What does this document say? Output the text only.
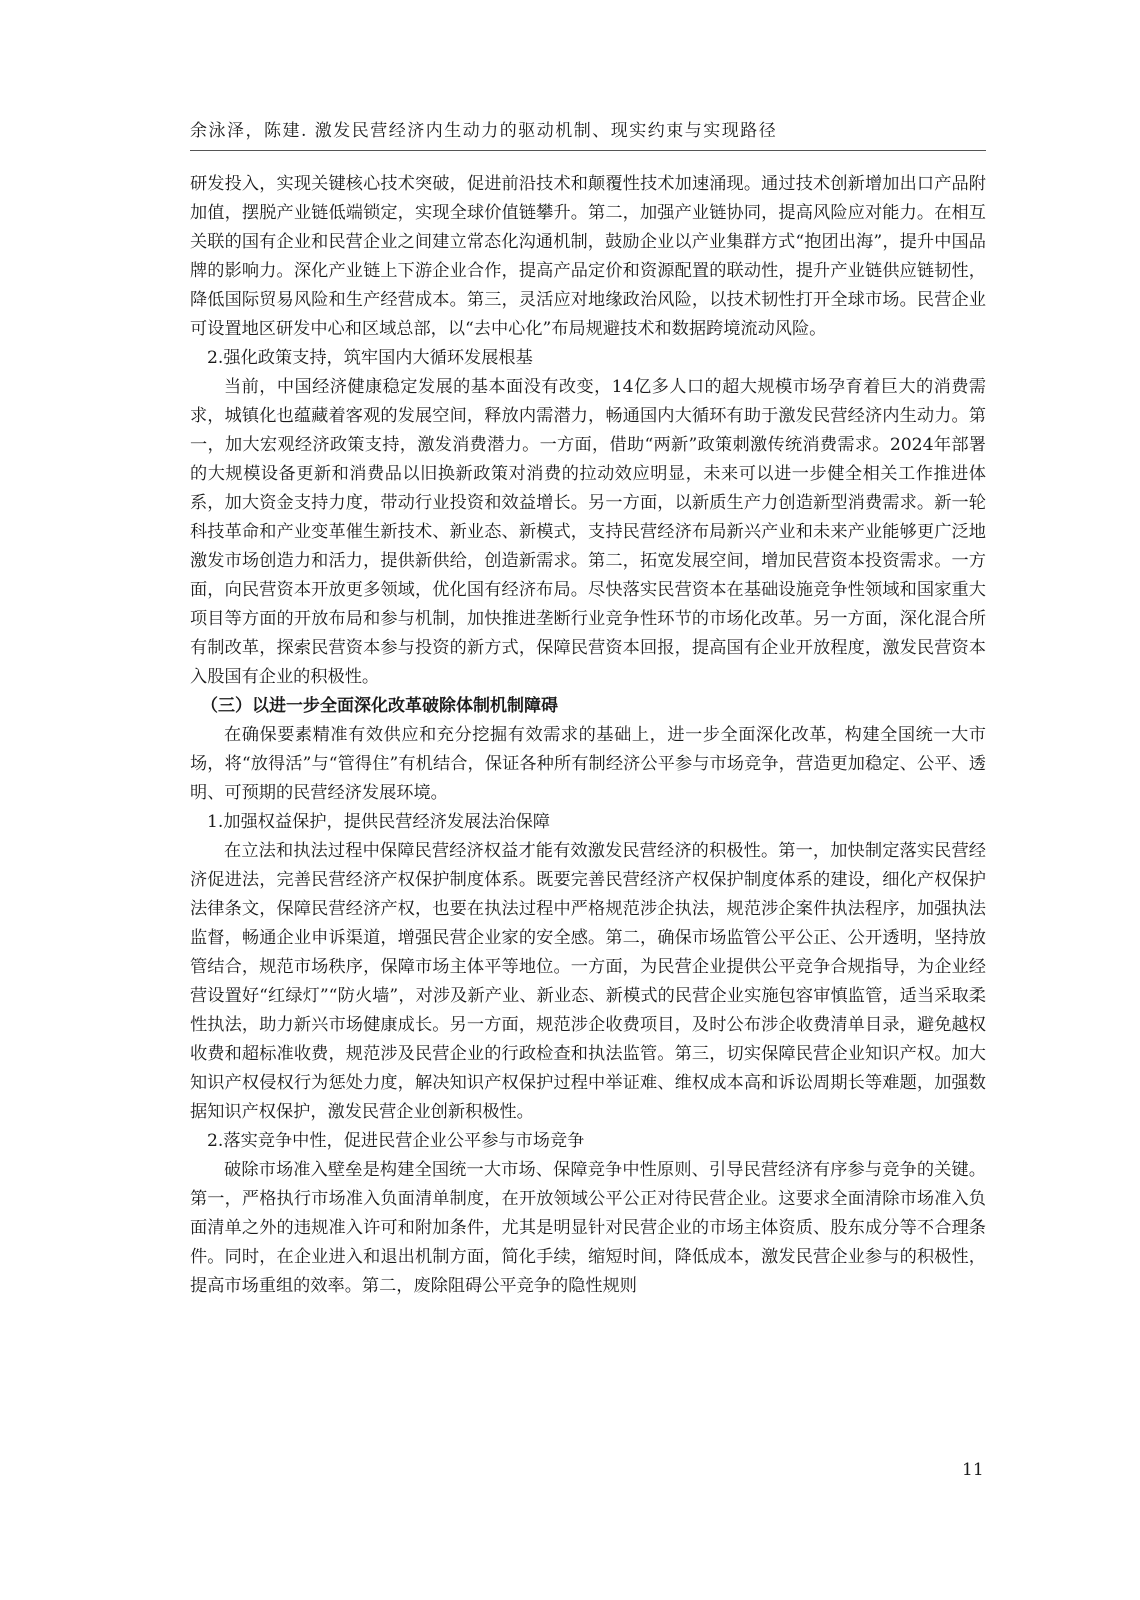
余泳泽，陈建. 激发民营经济内生动力的驱动机制、现实约束与实现路径

研发投入，实现关键核心技术突破，促进前沿技术和颠覆性技术加速涌现。通过技术创新增加出口产品附加值，摆脱产业链低端锁定，实现全球价值链攀升。第二，加强产业链协同，提高风险应对能力。在相互关联的国有企业和民营企业之间建立常态化沟通机制，鼓励企业以产业集群方式“抱团出海”，提升中国品牌的影响力。深化产业链上下游企业合作，提高产品定价和资源配置的联动性，提升产业链供应链韧性，降低国际贸易风险和生产经营成本。第三，灵活应对地缘政治风险，以技术韧性打开全球市场。民营企业可设置地区研发中心和区域总部，以“去中心化”布局规避技术和数据跨境流动风险。

2.强化政策支持，筑牢国内大循环发展根基

当前，中国经济健康稳定发展的基本面没有改变，14亿多人口的超大规模市场孕育着巨大的消费需求，城镇化也蕴藏着客观的发展空间，释放内需潜力，畅通国内大循环有助于激发民营经济内生动力。第一，加大宏观经济政策支持，激发消费潜力。一方面，借助“两新”政策刺激传统消费需求。2024年部署的大规模设备更新和消费品以旧换新政策对消费的拉动效应明显，未来可以进一步健全相关工作推进体系，加大资金支持力度，带动行业投资和效益增长。另一方面，以新质生产力创造新型消费需求。新一轮科技革命和产业变革催生新技术、新业态、新模式，支持民营经济布局新兴产业和未来产业能够更广泛地激发市场创造力和活力，提供新供给，创造新需求。第二，拓宽发展空间，增加民营资本投资需求。一方面，向民营资本开放更多领域，优化国有经济布局。尽快落实民营资本在基础设施竞争性领域和国家重大项目等方面的开放布局和参与机制，加快推进垄断行业竞争性环节的市场化改革。另一方面，深化混合所有制改革，探索民营资本参与投资的新方式，保障民营资本回报，提高国有企业开放程度，激发民营资本入股国有企业的积极性。

（三）以进一步全面深化改革破除体制机制障碍

在确保要素精准有效供应和充分挖掘有效需求的基础上，进一步全面深化改革，构建全国统一大市场，将“放得活”与“管得住”有机结合，保证各种所有制经济公平参与市场竞争，营造更加稳定、公平、透明、可预期的民营经济发展环境。

1.加强权益保护，提供民营经济发展法治保障

在立法和执法过程中保障民营经济权益才能有效激发民营经济的积极性。第一，加快制定落实民营经济促进法，完善民营经济产权保护制度体系。既要完善民营经济产权保护制度体系的建设，细化产权保护法律条文，保障民营经济产权，也要在执法过程中严格规范涉企执法，规范涉企案件执法程序，加强执法监督，畅通企业申诉渠道，增强民营企业家的安全感。第二，确保市场监管公平公正、公开透明，坚持放管结合，规范市场秩序，保障市场主体平等地位。一方面，为民营企业提供公平竞争合规指导，为企业经营设置好“红绿灯”“防火墙”，对涉及新产业、新业态、新模式的民营企业实施包容审慎监管，适当采取柔性执法，助力新兴市场健康成长。另一方面，规范涉企收费项目，及时公布涉企收费清单目录，避免越权收费和超标准收费，规范涉及民营企业的行政检查和执法监管。第三，切实保障民营企业知识产权。加大知识产权侵权行为惩处力度，解决知识产权保护过程中举证难、维权成本高和诉讼周期长等难题，加强数据知识产权保护，激发民营企业创新积极性。

2.落实竞争中性，促进民营企业公平参与市场竞争

破除市场准入壁垒是构建全国统一大市场、保障竞争中性原则、引导民营经济有序参与竞争的关键。第一，严格执行市场准入负面清单制度，在开放领域公平公正对待民营企业。这要求全面清除市场准入负面清单之外的违规准入许可和附加条件，尤其是明显针对民营企业的市场主体资质、股东成分等不合理条件。同时，在企业进入和退出机制方面，简化手续，缩短时间，降低成本，激发民营企业参与的积极性，提高市场重组的效率。第二，废除阻碍公平竞争的隐性规则

11
